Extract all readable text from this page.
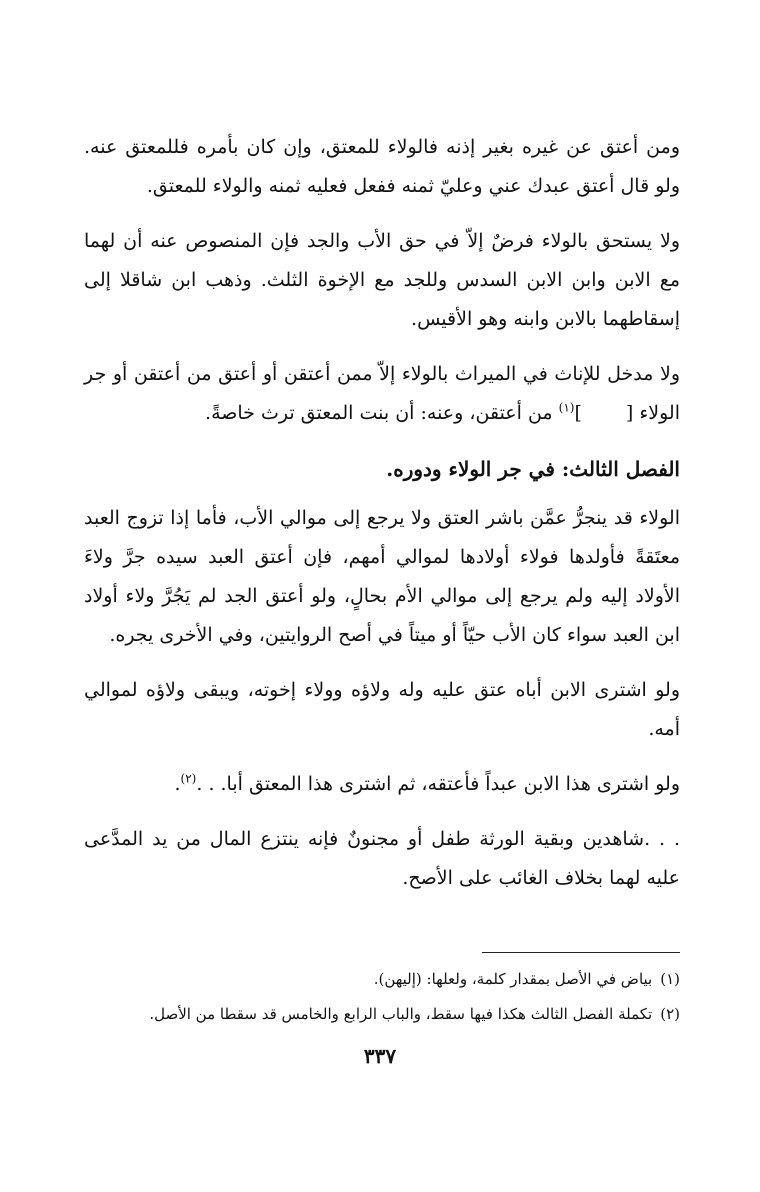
ومن أعتق عن غيره بغير إذنه فالولاء للمعتق، وإن كان بأمره فللمعتق عنه. ولو قال أعتق عبدك عني وعليّ ثمنه ففعل فعليه ثمنه والولاء للمعتق.

ولا يستحق بالولاء فرضٌ إلاّ في حق الأب والجد فإن المنصوص عنه أن لهما مع الابن وابن الابن السدس وللجد مع الإخوة الثلث. وذهب ابن شاقلا إلى إسقاطهما بالابن وابنه وهو الأقيس.

ولا مدخل للإناث في الميراث بالولاء إلاّ ممن أعتقن أو أعتق من أعتقن أو جر الولاء []$^{(١)}$ من أعتقن، وعنه: أن بنت المعتق ترث خاصةً.

الفصل الثالث: في جر الولاء ودوره.

الولاء قد ينجرُّ عمَّن باشر العتق ولا يرجع إلى موالي الأب، فأما إذا تزوج العبد معتَقةً فأولدها فولاء أولادها لموالي أمهم، فإن أعتق العبد سيده جرَّ ولاءَ الأولاد إليه ولم يرجع إلى موالي الأم بحالٍ، ولو أعتق الجد لم يَجُرَّ ولاء أولاد ابن العبد سواء كان الأب حيّاً أو ميتاً في أصح الروايتين، وفي الأخرى يجره.

ولو اشترى الابن أباه عتق عليه وله ولاؤه وولاء إخوته، ويبقى ولاؤه لموالي أمه.

ولو اشترى هذا الابن عبداً فأعتقه، ثم اشترى هذا المعتق أبا. . .$^{(٢)}$.

. . .شاهدين وبقية الورثة طفل أو مجنونٌ فإنه ينتزع المال من يد المدَّعى عليه لهما بخلاف الغائب على الأصح.

(١)بياض في الأصل بمقدار كلمة، ولعلها: (إليهن).

(٢)تكملة الفصل الثالث هكذا فيها سقط، والباب الرابع والخامس قد سقطا من الأصل.

٣٣٧
